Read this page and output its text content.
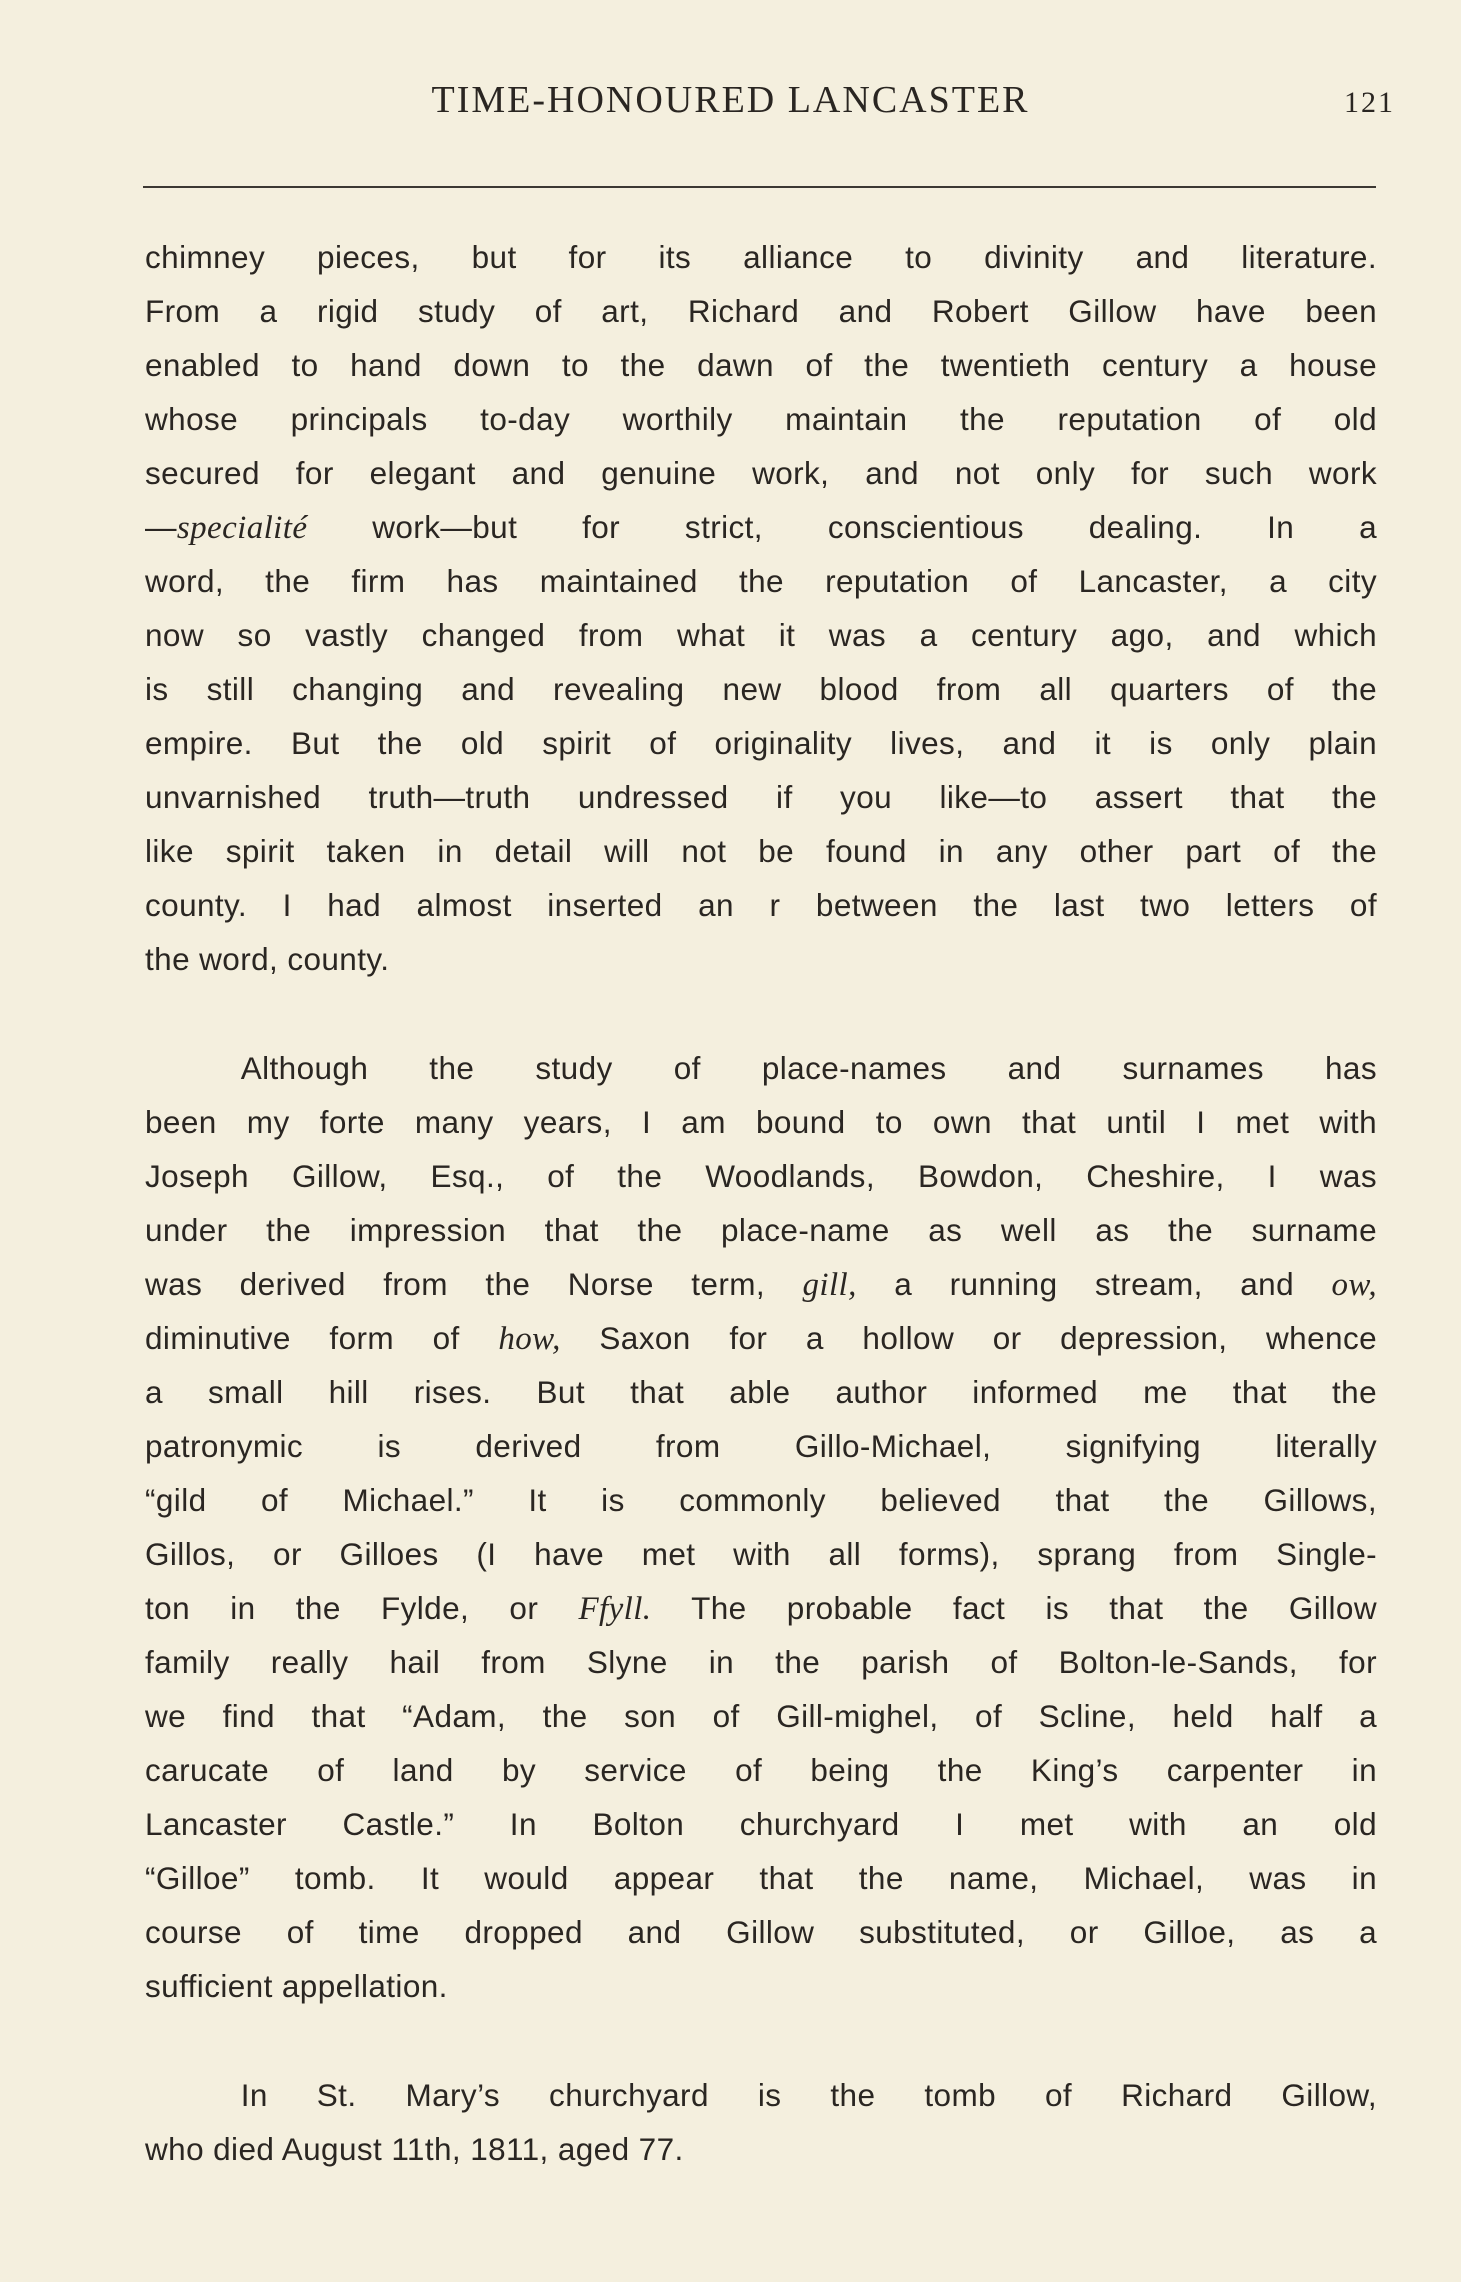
TIME-HONOURED LANCASTER	121
chimney pieces, but for its alliance to divinity and literature.
From a rigid study of art, Richard and Robert Gillow have been
enabled to hand down to the dawn of the twentieth century a house
whose principals to-day worthily maintain the reputation of old
secured for elegant and genuine work, and not only for such work
—specialité work—but for strict, conscientious dealing. In a
word, the firm has maintained the reputation of Lancaster, a city
now so vastly changed from what it was a century ago, and which
is still changing and revealing new blood from all quarters of the
empire. But the old spirit of originality lives, and it is only plain
unvarnished truth—truth undressed if you like—to assert that the
like spirit taken in detail will not be found in any other part of the
county. I had almost inserted an r between the last two letters of
the word, county.
   Although the study of place-names and surnames has
been my forte many years, I am bound to own that until I met with
Joseph Gillow, Esq., of the Woodlands, Bowdon, Cheshire, I was
under the impression that the place-name as well as the surname
was derived from the Norse term, gill, a running stream, and ow,
diminutive form of how, Saxon for a hollow or depression, whence
a small hill rises. But that able author informed me that the
patronymic is derived from Gillo-Michael, signifying literally
“gild of Michael.” It is commonly believed that the Gillows,
Gillos, or Gilloes (I have met with all forms), sprang from Single-
ton in the Fylde, or Ffyll. The probable fact is that the Gillow
family really hail from Slyne in the parish of Bolton-le-Sands, for
we find that “Adam, the son of Gill-mighel, of Scline, held half a
carucate of land by service of being the King’s carpenter in
Lancaster Castle.” In Bolton churchyard I met with an old
“Gilloe” tomb. It would appear that the name, Michael, was in
course of time dropped and Gillow substituted, or Gilloe, as a
sufficient appellation.
   In St. Mary’s churchyard is the tomb of Richard Gillow,
who died August 11th, 1811, aged 77.
